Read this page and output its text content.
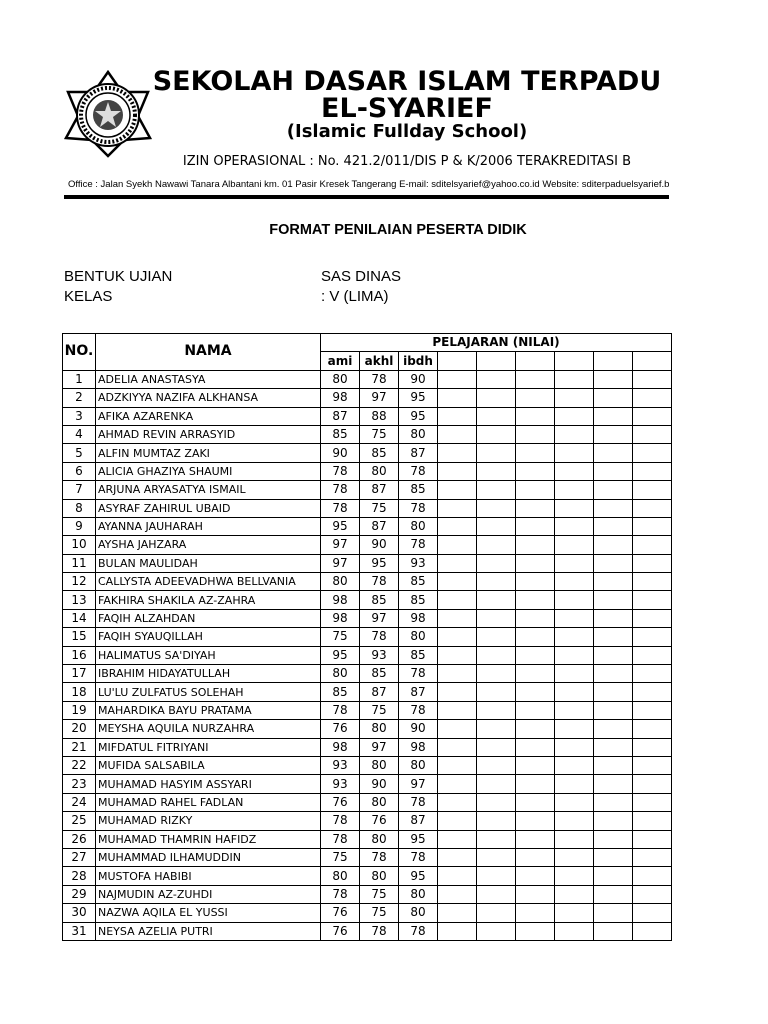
SEKOLAH DASAR ISLAM TERPADU
EL-SYARIEF
(Islamic Fullday School)
IZIN OPERASIONAL : No. 421.2/011/DIS P & K/2006 TERAKREDITASI B
Office : Jalan Syekh Nawawi Tanara Albantani km. 01 Pasir Kresek Tangerang E-mail: sditelsyarief@yahoo.co.id Website: sditerpaduelsyarief.b
FORMAT PENILAIAN PESERTA DIDIK
BENTUK UJIAN	SAS DINAS
KELAS	: V (LIMA)
NO.	NAMA	PELAJARAN (NILAI)								
		ami	akhl	ibdh						
1	ADELIA ANASTASYA	80	78	90						
2	ADZKIYYA NAZIFA ALKHANSA	98	97	95						
3	AFIKA AZARENKA	87	88	95						
4	AHMAD REVIN ARRASYID	85	75	80						
5	ALFIN MUMTAZ ZAKI	90	85	87						
6	ALICIA GHAZIYA SHAUMI	78	80	78						
7	ARJUNA ARYASATYA ISMAIL	78	87	85						
8	ASYRAF ZAHIRUL UBAID	78	75	78						
9	AYANNA JAUHARAH	95	87	80						
10	AYSHA JAHZARA	97	90	78						
11	BULAN MAULIDAH	97	95	93						
12	CALLYSTA ADEEVADHWA BELLVANIA	80	78	85						
13	FAKHIRA SHAKILA AZ-ZAHRA	98	85	85						
14	FAQIH ALZAHDAN	98	97	98						
15	FAQIH SYAUQILLAH	75	78	80						
16	HALIMATUS SA'DIYAH	95	93	85						
17	IBRAHIM HIDAYATULLAH	80	85	78						
18	LU'LU ZULFATUS SOLEHAH	85	87	87						
19	MAHARDIKA BAYU PRATAMA	78	75	78						
20	MEYSHA AQUILA NURZAHRA	76	80	90						
21	MIFDATUL FITRIYANI	98	97	98						
22	MUFIDA SALSABILA	93	80	80						
23	MUHAMAD HASYIM ASSYARI	93	90	97						
24	MUHAMAD RAHEL FADLAN	76	80	78						
25	MUHAMAD RIZKY	78	76	87						
26	MUHAMAD THAMRIN HAFIDZ	78	80	95						
27	MUHAMMAD ILHAMUDDIN	75	78	78						
28	MUSTOFA HABIBI	80	80	95						
29	NAJMUDIN AZ-ZUHDI	78	75	80						
30	NAZWA AQILA EL YUSSI	76	75	80						
31	NEYSA AZELIA PUTRI	76	78	78						
